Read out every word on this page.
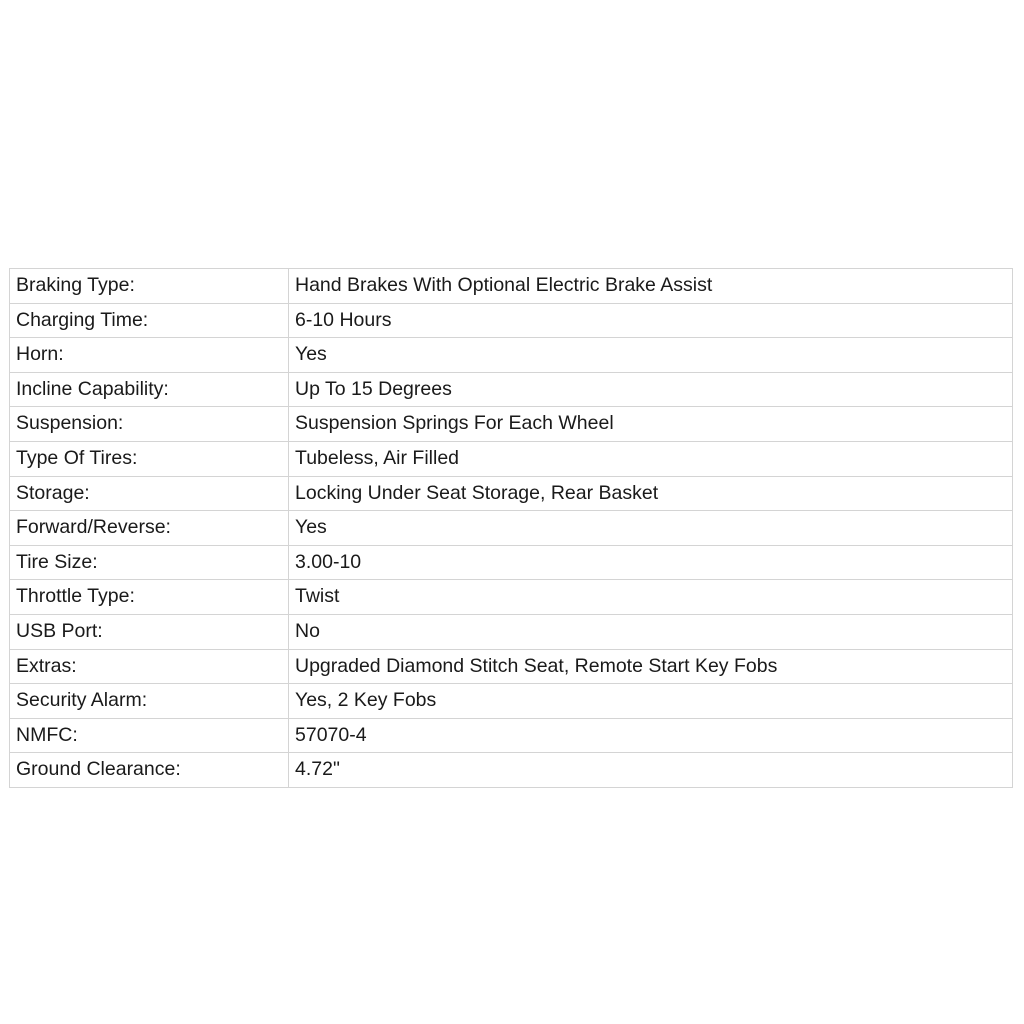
Braking Type:	Hand Brakes With Optional Electric Brake Assist
Charging Time:	6-10 Hours
Horn:	Yes
Incline Capability:	Up To 15 Degrees
Suspension:	Suspension Springs For Each Wheel
Type Of Tires:	Tubeless, Air Filled
Storage:	Locking Under Seat Storage, Rear Basket
Forward/Reverse:	Yes
Tire Size:	3.00-10
Throttle Type:	Twist
USB Port:	No
Extras:	Upgraded Diamond Stitch Seat, Remote Start Key Fobs
Security Alarm:	Yes, 2 Key Fobs
NMFC:	57070-4
Ground Clearance:	4.72"
